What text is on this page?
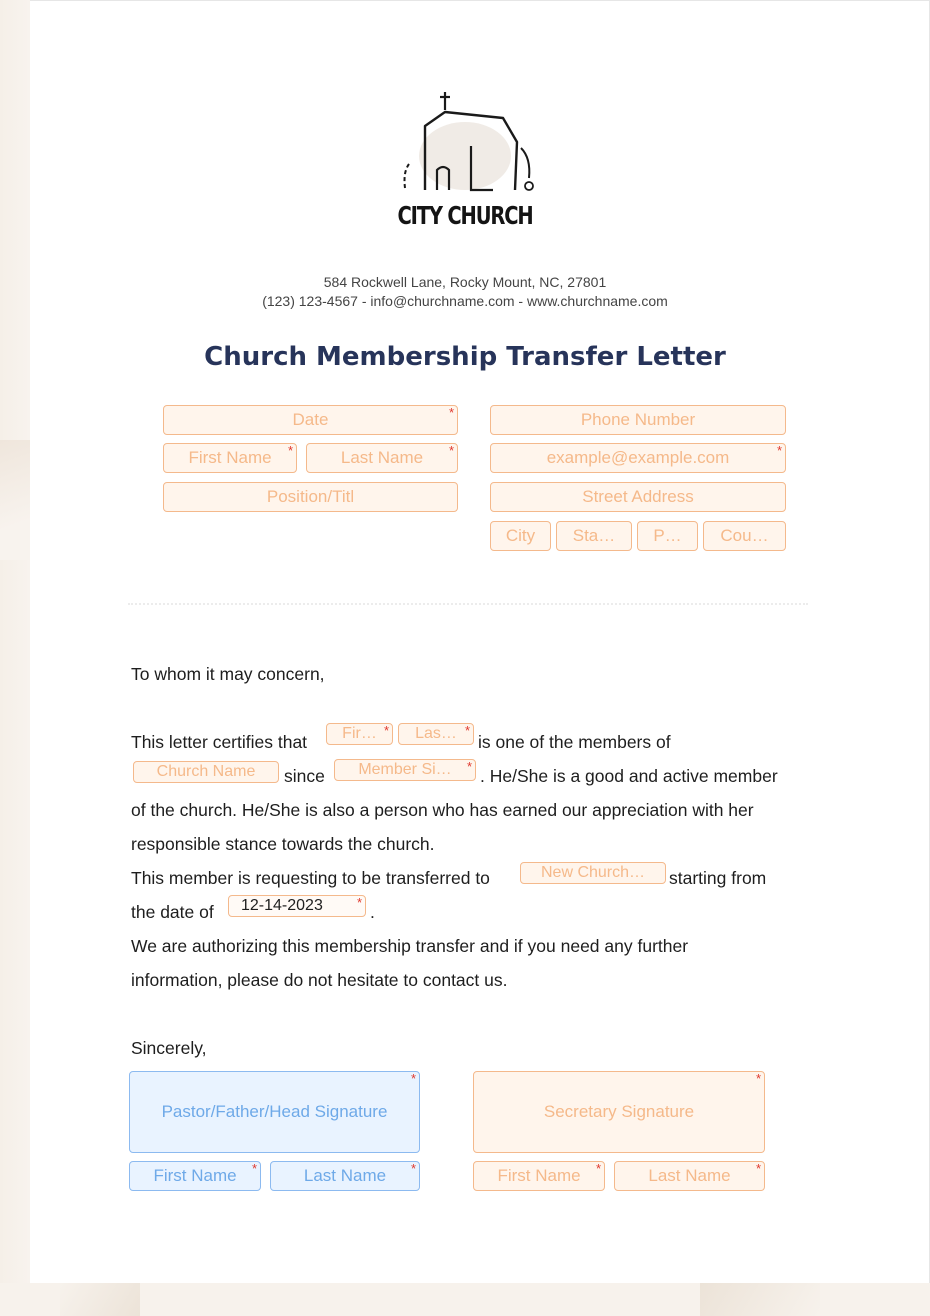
CITY CHURCH
584 Rockwell Lane, Rocky Mount, NC, 27801
(123) 123-4567 - info@churchname.com - www.churchname.com
Church Membership Transfer Letter
Date	*
First Name *	Last Name *
Position/Titl
Phone Number
example@example.com	*
Street Address
City Sta… P… Cou…
To whom it may concern,
This letter certifies that Fir… * Las… *
is one of the members of
Church Name since Member Si… * . He/She is a good and active member
of the church. He/She is also a person who has earned our appreciation with her
responsible stance towards the church.
This member is requesting to be transferred to	New Church… starting from
the date of 12-14-2023	* .
We are authorizing this membership transfer and if you need any further
information, please do not hesitate to contact us.
Sincerely,
Pastor/Father/Head Signature
*
First Name *	Last Name *
Secretary Signature
*
First Name *	Last Name *
